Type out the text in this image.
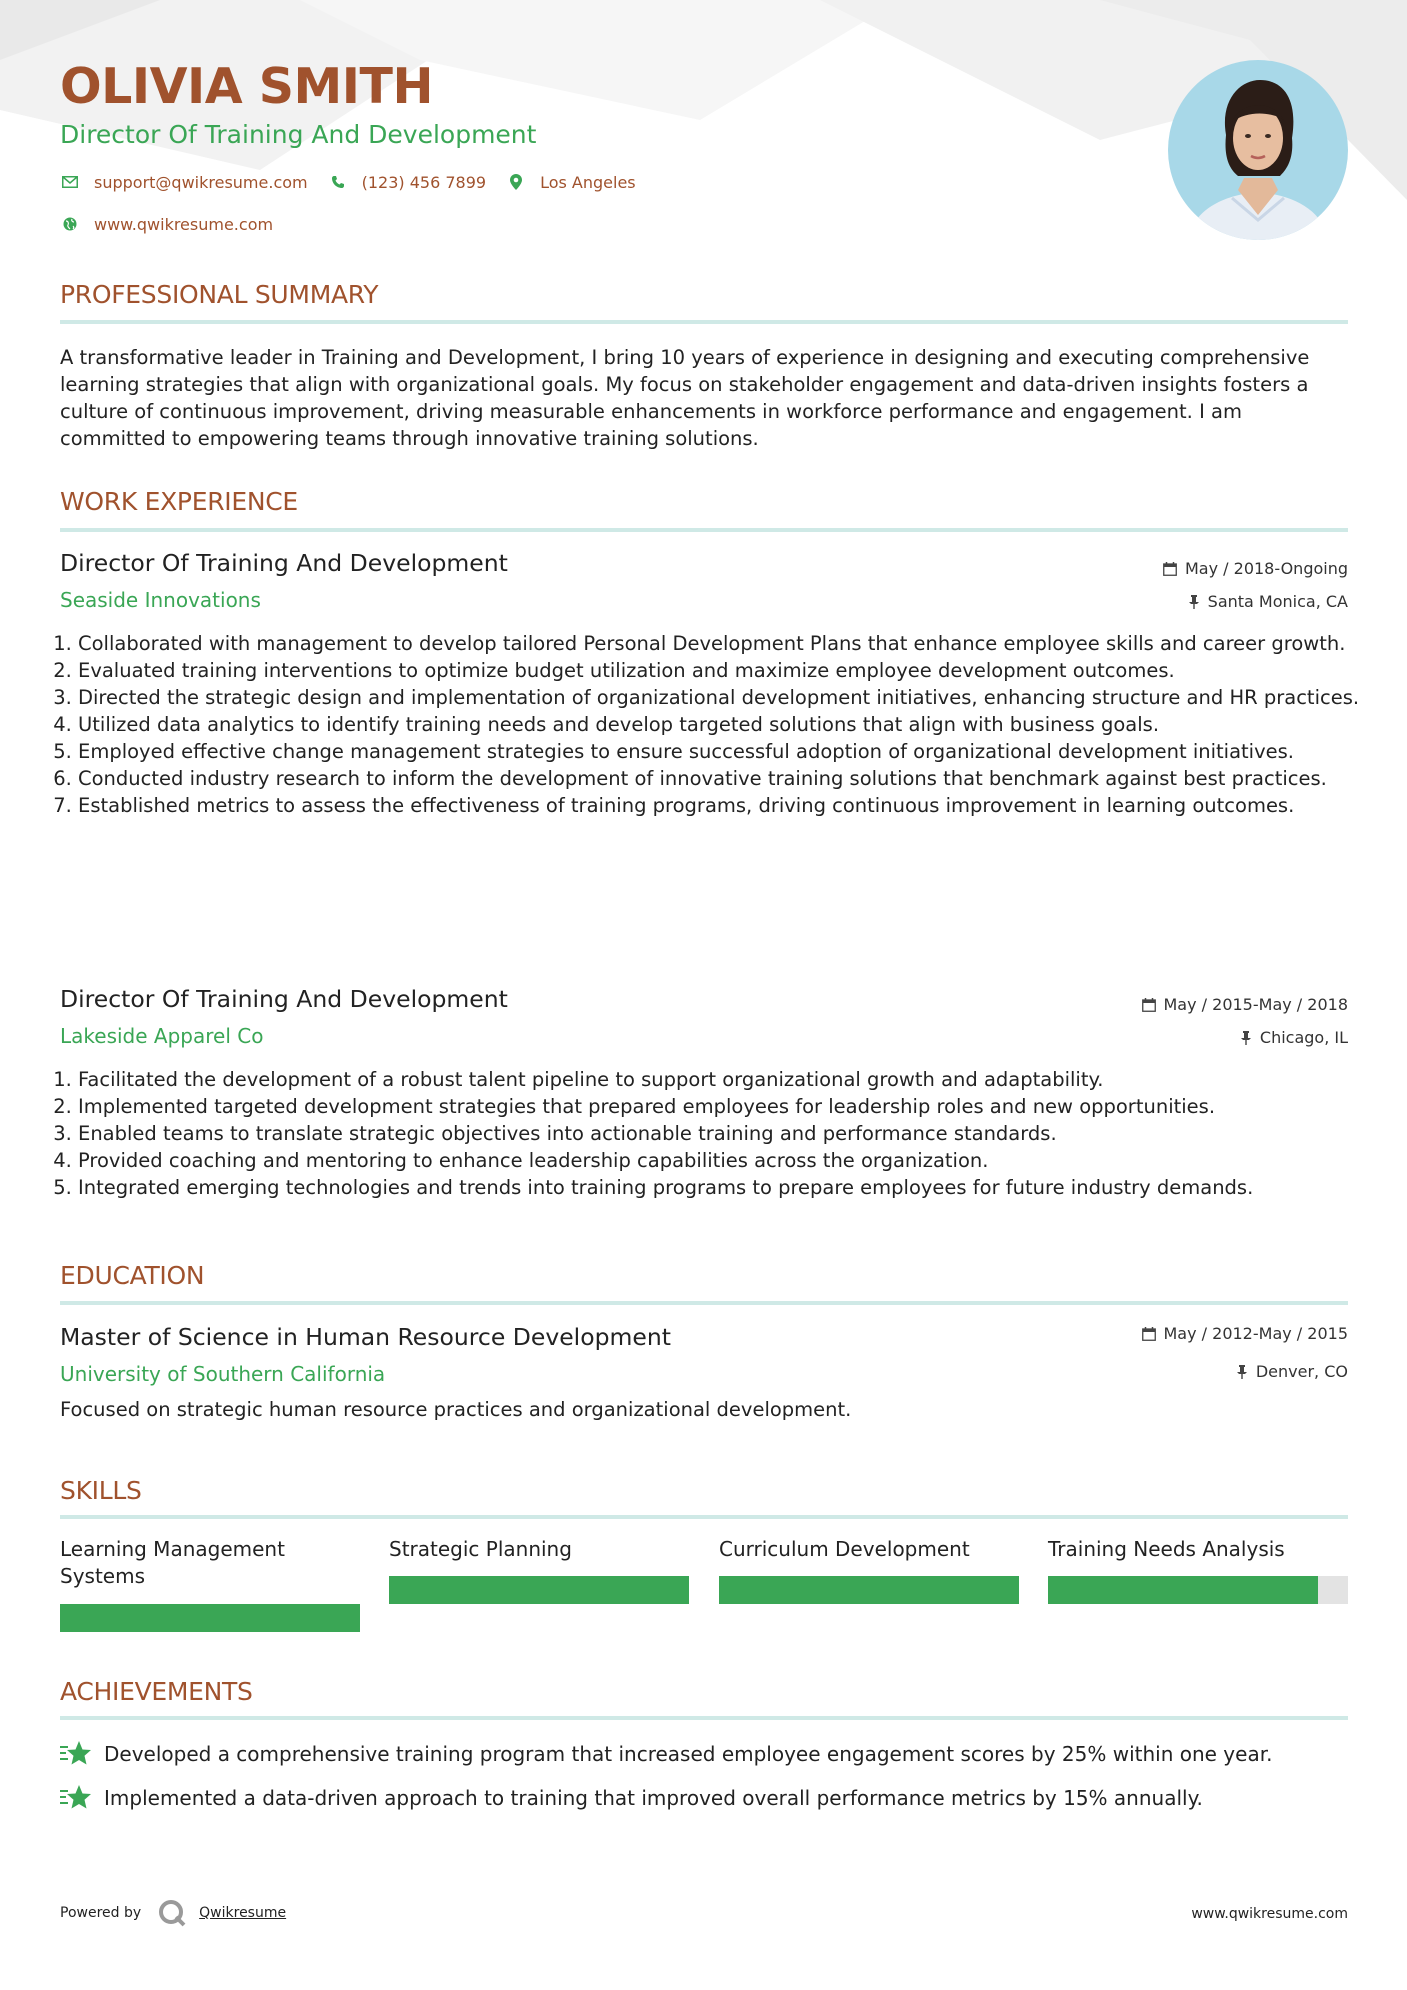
OLIVIA SMITH
Director Of Training And Development
support@qwikresume.com	(123) 456 7899	Los Angeles
www.qwikresume.com
PROFESSIONAL SUMMARY

A transformative leader in Training and Development, I bring 10 years of experience in designing and executing comprehensive learning strategies that align with organizational goals. My focus on stakeholder engagement and data-driven insights fosters a culture of continuous improvement, driving measurable enhancements in workforce performance and engagement. I am committed to empowering teams through innovative training solutions.

WORK EXPERIENCE
Director Of Training And Development	May / 2018-Ongoing

Seaside Innovations	Santa Monica, CA
1. Collaborated with management to develop tailored Personal Development Plans that enhance employee skills and career growth.
2. Evaluated training interventions to optimize budget utilization and maximize employee development outcomes.
3. Directed the strategic design and implementation of organizational development initiatives, enhancing structure and HR practices.
4. Utilized data analytics to identify training needs and develop targeted solutions that align with business goals.
5. Employed effective change management strategies to ensure successful adoption of organizational development initiatives.
6. Conducted industry research to inform the development of innovative training solutions that benchmark against best practices.
7. Established metrics to assess the effectiveness of training programs, driving continuous improvement in learning outcomes.
Director Of Training And Development	May / 2015-May / 2018

Lakeside Apparel Co	Chicago, IL
1. Facilitated the development of a robust talent pipeline to support organizational growth and adaptability.
2. Implemented targeted development strategies that prepared employees for leadership roles and new opportunities.
3. Enabled teams to translate strategic objectives into actionable training and performance standards.
4. Provided coaching and mentoring to enhance leadership capabilities across the organization.
5. Integrated emerging technologies and trends into training programs to prepare employees for future industry demands.
EDUCATION
Master of Science in Human Resource Development	May / 2012-May / 2015

University of Southern California	Denver, CO

Focused on strategic human resource practices and organizational development.

SKILLS
Learning Management Systems
Strategic Planning	Curriculum Development	Training Needs Analysis
ACHIEVEMENTS
Developed a comprehensive training program that increased employee engagement scores by 25% within one year.
Implemented a data-driven approach to training that improved overall performance metrics by 15% annually.
Powered by	Qwikresume	www.qwikresume.com
